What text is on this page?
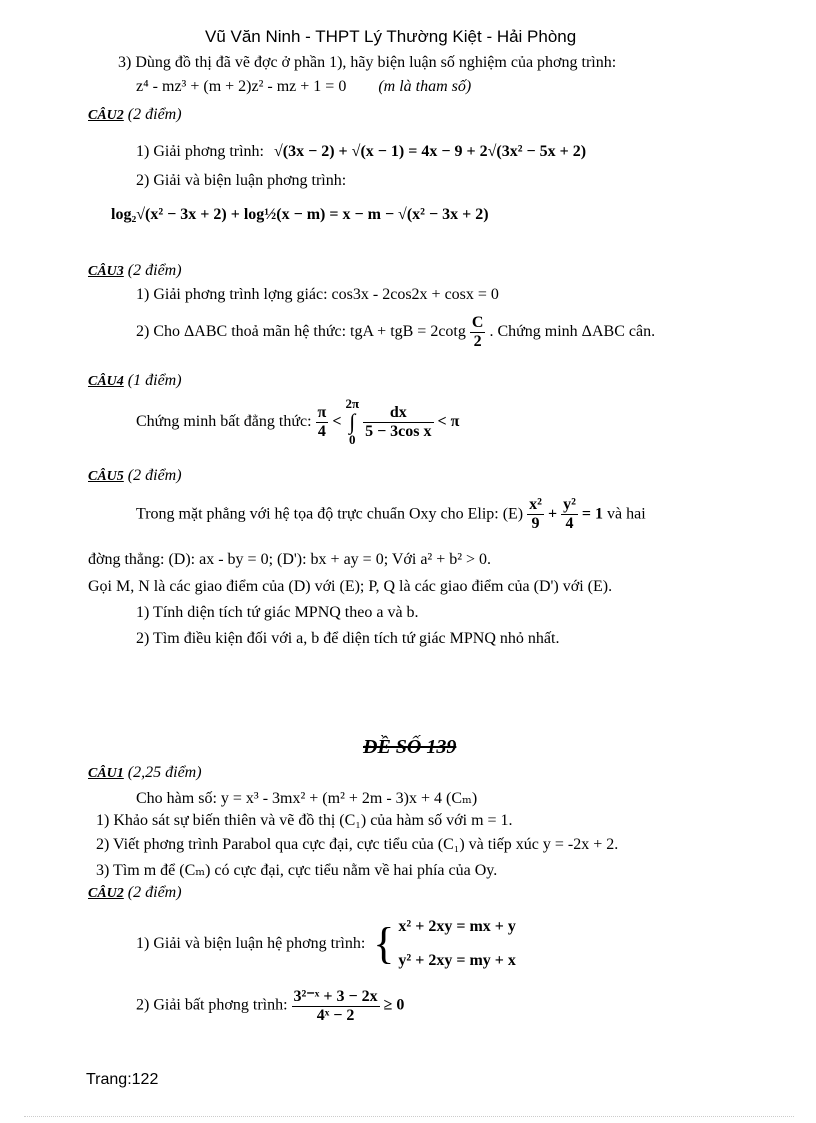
Vũ Văn Ninh - THPT Lý Thường Kiệt - Hải Phòng
3) Dùng đồ thị đã vẽ đợc ở phần 1), hãy biện luận số nghiệm của phơng trình:
z⁴ - mz³ + (m + 2)z² - mz + 1 = 0 (m là tham số)
CÂU2 (2 điểm)
1) Giải phơng trình: √(3x − 2) + √(x − 1) = 4x − 9 + 2√(3x² − 5x + 2)
2) Giải và biện luận phơng trình:
log₂√(x² − 3x + 2) + log½(x − m) = x − m − √(x² − 3x + 2)
CÂU3 (2 điểm)
1) Giải phơng trình lợng giác: cos3x - 2cos2x + cosx = 0
2) Cho ΔABC thoả mãn hệ thức: tgA + tgB = $2\cot g \frac{C}{2}$ . Chứng minh ΔABC cân.
CÂU4 (1 điểm)
Chứng minh bất đẳng thức: $\frac{\pi}{4}$ <
2π
∫
0
$\frac{dx}{\text{5 − 3cos x}} < \pi$
CÂU5 (2 điểm)
Trong mặt phẳng với hệ tọa độ trực chuẩn Oxy cho Elip: $(E) \frac{\text{x²}}{9} + \frac{\text{y²}}{4} = 1$ và hai
đờng thẳng: (D): ax - by = 0; (D'): bx + ay = 0; Với a² + b² > 0.
Gọi M, N là các giao điểm của (D) với (E); P, Q là các giao điểm của (D') với (E).
1) Tính diện tích tứ giác MPNQ theo a và b.
2) Tìm điều kiện đối với a, b để diện tích tứ giác MPNQ nhỏ nhất.
ĐỀ SỐ 139
CÂU1 (2,25 điểm)
Cho hàm số: y = x³ - 3mx² + (m² + 2m - 3)x + 4 (Cₘ)
1) Khảo sát sự biến thiên và vẽ đồ thị (C₁) của hàm số với m = 1.
2) Viết phơng trình Parabol qua cực đại, cực tiểu của (C₁) và tiếp xúc y = -2x + 2.
3) Tìm m để (Cₘ) có cực đại, cực tiểu nằm về hai phía của Oy.
CÂU2 (2 điểm)
1) Giải và biện luận hệ phơng trình: { x² + 2xy = mx + y
y² + 2xy = my + x
2) Giải bất phơng trình: $\frac{\text{3²⁻ˣ + 3 − 2x}}{\text{4ˣ − 2}} \ge 0$
Trang:122
